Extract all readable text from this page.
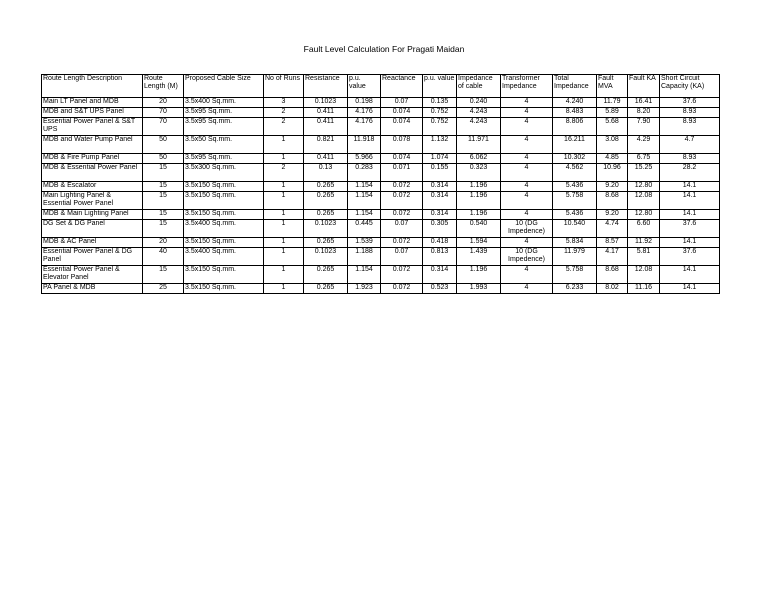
Fault Level Calculation For Pragati Maidan
Route Length Description	Route Length (M)	Proposed Cable Size	No of Runs	Resistance	p.u. value	Reactance	p.u. value	Impedance of cable	Transformer Impedance	Total Impedance	Fault MVA	Fault KA	Short Circuit Capacity (KA)
Main LT Panel and MDB	20	3.5x400 Sq.mm.	3	0.1023	0.198	0.07	0.135	0.240	4	4.240	11.79	16.41	37.6
MDB and S&T UPS Panel	70	3.5x95 Sq.mm.	2	0.411	4.176	0.074	0.752	4.243	4	8.483	5.89	8.20	8.93
Essential Power Panel & S&T UPS	70	3.5x95 Sq.mm.	2	0.411	4.176	0.074	0.752	4.243	4	8.806	5.68	7.90	8.93
MDB and Water Pump Panel	50	3.5x50 Sq.mm.	1	0.821	11.918	0.078	1.132	11.971	4	16.211	3.08	4.29	4.7
MDB & Fire Pump Panel	50	3.5x95 Sq.mm.	1	0.411	5.966	0.074	1.074	6.062	4	10.302	4.85	6.75	8.93
MDB & Essential Power Panel	15	3.5x300 Sq.mm.	2	0.13	0.283	0.071	0.155	0.323	4	4.562	10.96	15.25	28.2
MDB & Escalator	15	3.5x150 Sq.mm.	1	0.265	1.154	0.072	0.314	1.196	4	5.436	9.20	12.80	14.1
Main Lighting Panel & Essential Power Panel	15	3.5x150 Sq.mm.	1	0.265	1.154	0.072	0.314	1.196	4	5.758	8.68	12.08	14.1
MDB & Main Lighting Panel	15	3.5x150 Sq.mm.	1	0.265	1.154	0.072	0.314	1.196	4	5.436	9.20	12.80	14.1
DG Set & DG Panel	15	3.5x400 Sq.mm.	1	0.1023	0.445	0.07	0.305	0.540	10 (DG Impedence)	10.540	4.74	6.60	37.6
MDB & AC Panel	20	3.5x150 Sq.mm.	1	0.265	1.539	0.072	0.418	1.594	4	5.834	8.57	11.92	14.1
Essential Power Panel & DG Panel	40	3.5x400 Sq.mm.	1	0.1023	1.188	0.07	0.813	1.439	10 (DG Impedence)	11.979	4.17	5.81	37.6
Essential Power Panel & Elevator Panel	15	3.5x150 Sq.mm.	1	0.265	1.154	0.072	0.314	1.196	4	5.758	8.68	12.08	14.1
PA Panel & MDB	25	3.5x150 Sq.mm.	1	0.265	1.923	0.072	0.523	1.993	4	6.233	8.02	11.16	14.1
